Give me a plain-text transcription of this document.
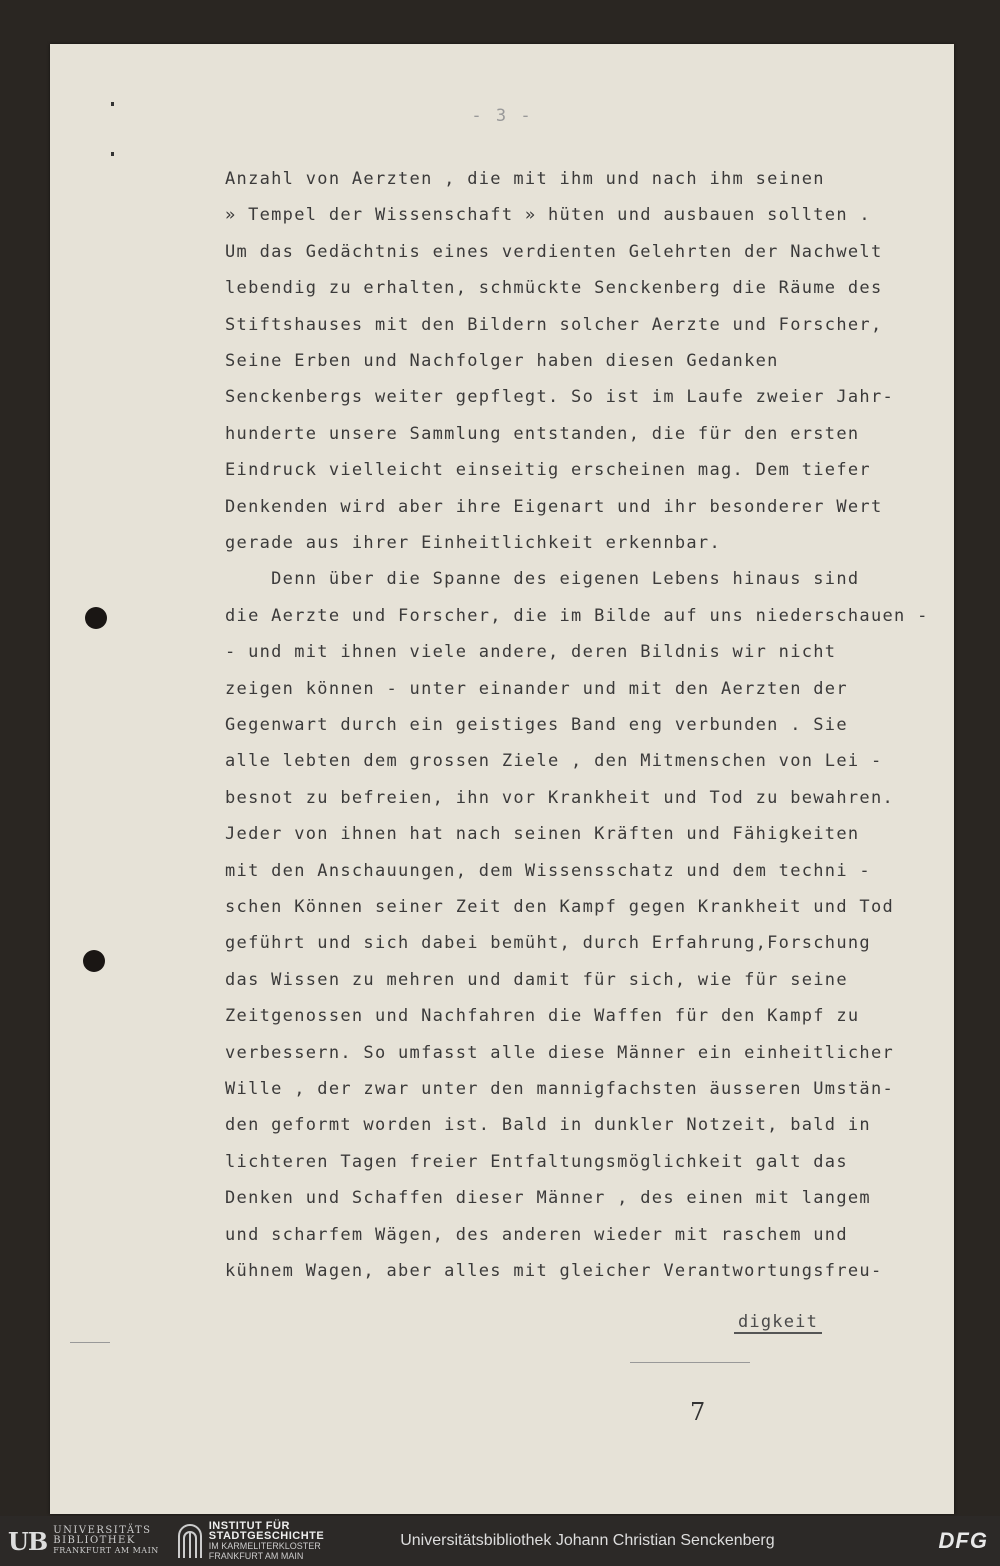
- 3 -
Anzahl von Aerzten , die mit ihm und nach ihm seinen
» Tempel der Wissenschaft » hüten und ausbauen sollten .
Um das Gedächtnis eines verdienten Gelehrten der Nachwelt
lebendig zu erhalten, schmückte Senckenberg die Räume des
Stiftshauses mit den Bildern solcher Aerzte und Forscher,
Seine Erben und Nachfolger haben diesen Gedanken
Senckenbergs weiter gepflegt. So ist im Laufe zweier Jahr-
hunderte unsere Sammlung entstanden, die für den ersten
Eindruck vielleicht einseitig erscheinen mag. Dem tiefer
Denkenden wird aber ihre Eigenart und ihr besonderer Wert
gerade aus ihrer Einheitlichkeit erkennbar.
Denn über die Spanne des eigenen Lebens hinaus sind
die Aerzte und Forscher, die im Bilde auf uns niederschauen -
- und mit ihnen viele andere, deren Bildnis wir nicht
zeigen können - unter einander und mit den Aerzten der
Gegenwart durch ein geistiges Band eng verbunden . Sie
alle lebten dem grossen Ziele , den Mitmenschen von Lei -
besnot zu befreien, ihn vor Krankheit und Tod zu bewahren.
Jeder von ihnen hat nach seinen Kräften und Fähigkeiten
mit den Anschauungen, dem Wissensschatz und dem techni -
schen Können seiner Zeit den Kampf gegen Krankheit und Tod
geführt und sich dabei bemüht, durch Erfahrung,Forschung
das Wissen zu mehren und damit für sich, wie für seine
Zeitgenossen und Nachfahren die Waffen für den Kampf zu
verbessern. So umfasst alle diese Männer ein einheitlicher
Wille , der zwar unter den mannigfachsten äusseren Umstän-
den geformt worden ist. Bald in dunkler Notzeit, bald in
lichteren Tagen freier Entfaltungsmöglichkeit galt das
Denken und Schaffen dieser Männer , des einen mit langem
und scharfem Wägen, des anderen wieder mit raschem und
kühnem Wagen, aber alles mit gleicher Verantwortungsfreu-
digkeit
7
UB UNIVERSITÄTS
BIBLIOTHEK
FRANKFURT AM MAIN
INSTITUT FÜR
STADTGESCHICHTE
IM KARMELITERKLOSTER
FRANKFURT AM MAIN
Universitätsbibliothek Johann Christian Senckenberg	DFG
